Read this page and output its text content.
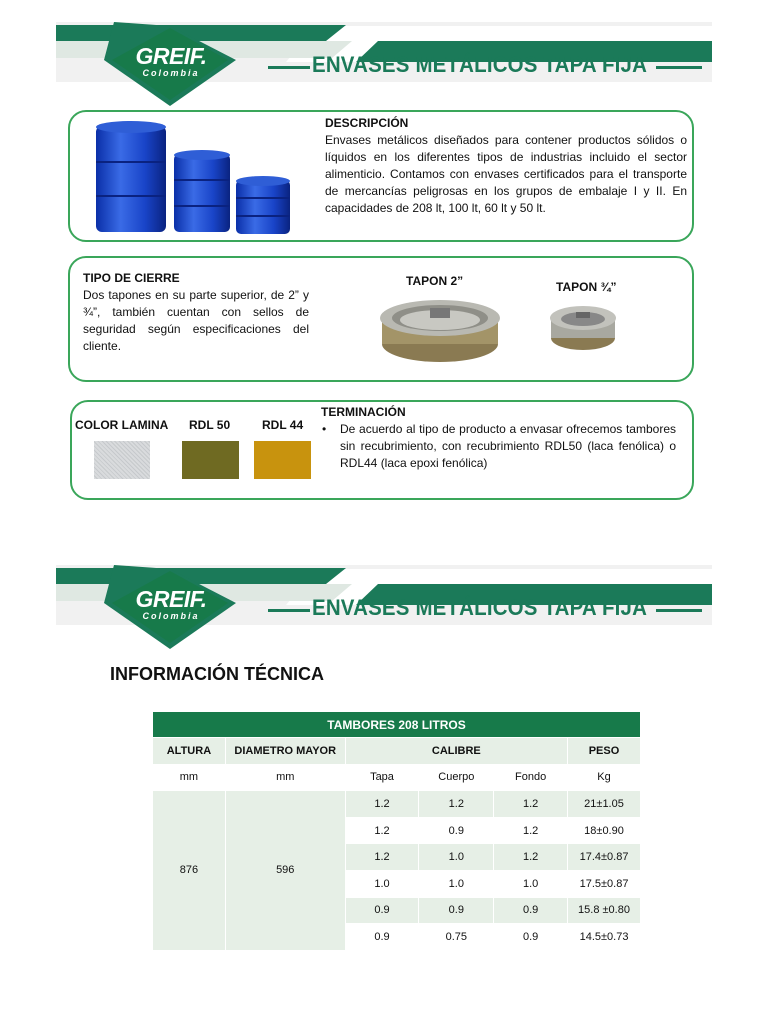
GREIF.
Colombia
FICHA TÉCNICA
ENVASES METÁLICOS TAPA FIJA
DESCRIPCIÓN
Envases metálicos diseñados para contener productos sólidos o líquidos en los diferentes tipos de industrias incluido el sector alimenticio. Contamos con envases certificados para el transporte de mercancías peligrosas en los grupos de embalaje I y II. En capacidades de 208 lt, 100 lt, 60 lt y 50 lt.
TIPO DE CIERRE
Dos tapones en su parte superior, de 2” y ¾”, también cuentan con sellos de seguridad según especificaciones del cliente.
TAPON 2”	TAPON ¾”
COLOR LAMINA RDL 50	RDL 44
TERMINACIÓN
• De acuerdo al tipo de producto a envasar ofrecemos tambores sin recubrimiento, con recubrimiento RDL50 (laca fenólica) o RDL44 (laca epoxi fenólica)
GREIF.
Colombia
FICHA TÉCNICA
ENVASES METÁLICOS TAPA FIJA
INFORMACIÓN TÉCNICA
TAMBORES 208 LITROS					
ALTURA	DIAMETRO MAYOR	CALIBRE			PESO
mm	mm	Tapa	Cuerpo	Fondo	Kg
876	596	1.2	1.2	1.2	21±1.05
		1.2	0.9	1.2	18±0.90
		1.2	1.0	1.2	17.4±0.87
		1.0	1.0	1.0	17.5±0.87
		0.9	0.9	0.9	15.8 ±0.80
		0.9	0.75	0.9	14.5±0.73
